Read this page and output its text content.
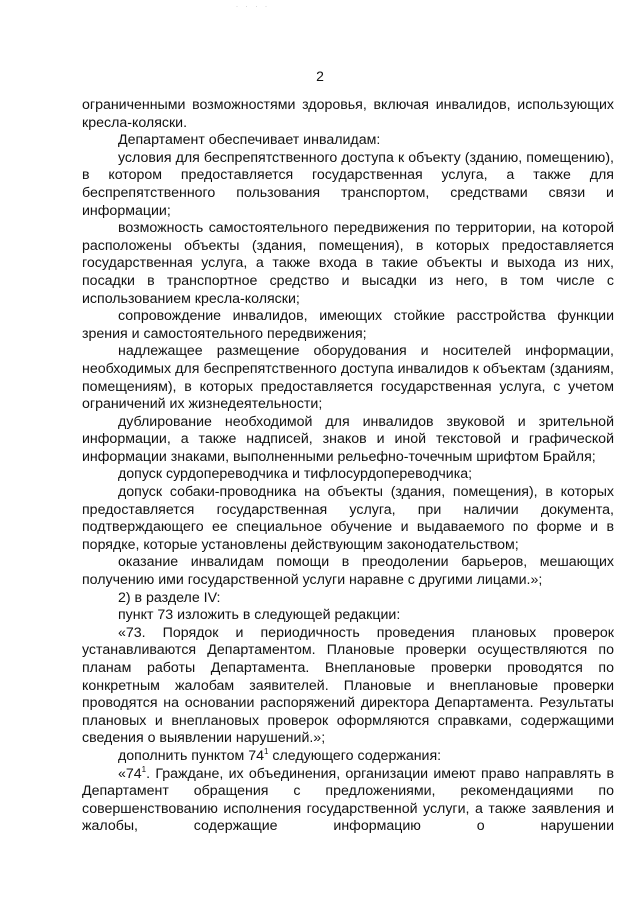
· · · ·
2

ограниченными возможностями здоровья, включая инвалидов, использующих кресла-коляски.

Департамент обеспечивает инвалидам:

условия для беспрепятственного доступа к объекту (зданию, помещению), в котором предоставляется государственная услуга, а также для беспрепятственного пользования транспортом, средствами связи и информации;

возможность самостоятельного передвижения по территории, на которой расположены объекты (здания, помещения), в которых предоставляется государственная услуга, а также входа в такие объекты и выхода из них, посадки в транспортное средство и высадки из него, в том числе с использованием кресла-коляски;

сопровождение инвалидов, имеющих стойкие расстройства функции зрения и самостоятельного передвижения;

надлежащее размещение оборудования и носителей информации, необходимых для беспрепятственного доступа инвалидов к объектам (зданиям, помещениям), в которых предоставляется государственная услуга, с учетом ограничений их жизнедеятельности;

дублирование необходимой для инвалидов звуковой и зрительной информации, а также надписей, знаков и иной текстовой и графической информации знаками, выполненными рельефно-точечным шрифтом Брайля;

допуск сурдопереводчика и тифлосурдопереводчика;

допуск собаки-проводника на объекты (здания, помещения), в которых предоставляется государственная услуга, при наличии документа, подтверждающего ее специальное обучение и выдаваемого по форме и в порядке, которые установлены действующим законодательством;

оказание инвалидам помощи в преодолении барьеров, мешающих получению ими государственной услуги наравне с другими лицами.»;

2) в разделе IV:

пункт 73 изложить в следующей редакции:

«73. Порядок и периодичность проведения плановых проверок устанавливаются Департаментом. Плановые проверки осуществляются по планам работы Департамента. Внеплановые проверки проводятся по конкретным жалобам заявителей. Плановые и внеплановые проверки проводятся на основании распоряжений директора Департамента. Результаты плановых и внеплановых проверок оформляются справками, содержащими сведения о выявлении нарушений.»;

дополнить пунктом $74^1$ следующего содержания:

«$74^1$. Граждане, их объединения, организации имеют право направлять в Департамент обращения с предложениями, рекомендациями по совершенствованию исполнения государственной услуги, а также заявления и жалобы, содержащие информацию о нарушении
